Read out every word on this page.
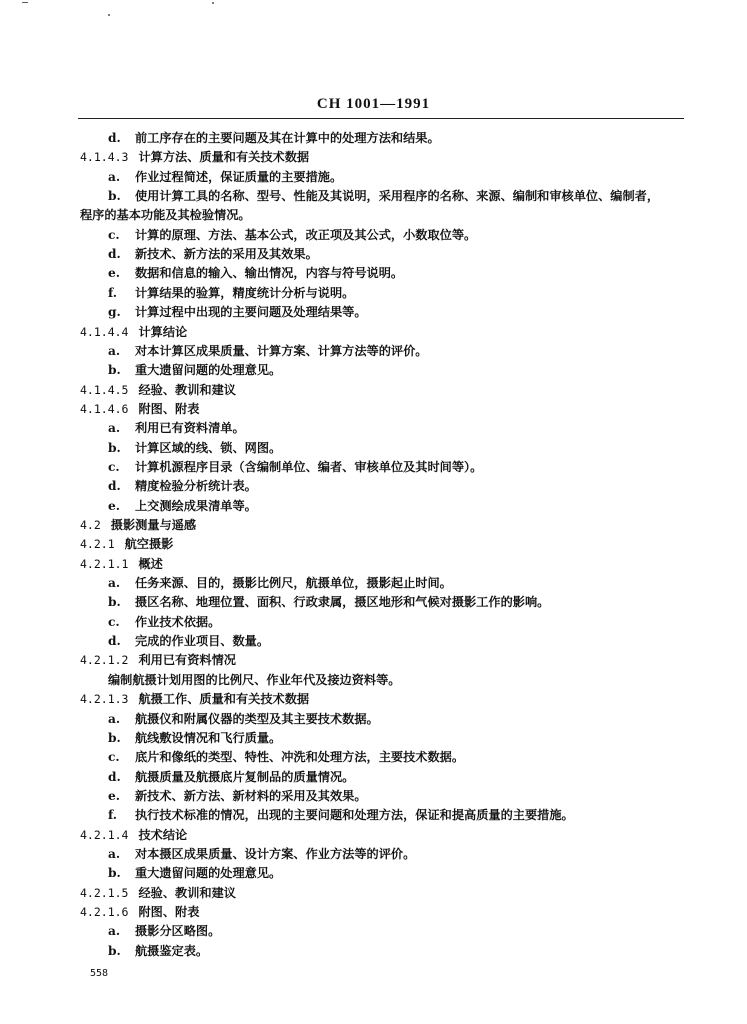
CH 1001—1991
d. 前工序存在的主要问题及其在计算中的处理方法和结果。
4.1.4.3 计算方法、质量和有关技术数据
a. 作业过程简述，保证质量的主要措施。
b. 使用计算工具的名称、型号、性能及其说明，采用程序的名称、来源、编制和审核单位、编制者，
程序的基本功能及其检验情况。
c. 计算的原理、方法、基本公式，改正项及其公式，小数取位等。
d. 新技术、新方法的采用及其效果。
e. 数据和信息的输入、输出情况，内容与符号说明。
f. 计算结果的验算，精度统计分析与说明。
g. 计算过程中出现的主要问题及处理结果等。
4.1.4.4 计算结论
a. 对本计算区成果质量、计算方案、计算方法等的评价。
b. 重大遗留问题的处理意见。
4.1.4.5 经验、教训和建议
4.1.4.6 附图、附表
a. 利用已有资料清单。
b. 计算区域的线、锁、网图。
c. 计算机源程序目录（含编制单位、编者、审核单位及其时间等）。
d. 精度检验分析统计表。
e. 上交测绘成果清单等。
4.2 摄影测量与遥感
4.2.1 航空摄影
4.2.1.1 概述
a. 任务来源、目的，摄影比例尺，航摄单位，摄影起止时间。
b. 摄区名称、地理位置、面积、行政隶属，摄区地形和气候对摄影工作的影响。
c. 作业技术依据。
d. 完成的作业项目、数量。
4.2.1.2 利用已有资料情况
编制航摄计划用图的比例尺、作业年代及接边资料等。
4.2.1.3 航摄工作、质量和有关技术数据
a. 航摄仪和附属仪器的类型及其主要技术数据。
b. 航线敷设情况和飞行质量。
c. 底片和像纸的类型、特性、冲洗和处理方法，主要技术数据。
d. 航摄质量及航摄底片复制品的质量情况。
e. 新技术、新方法、新材料的采用及其效果。
f. 执行技术标准的情况，出现的主要问题和处理方法，保证和提高质量的主要措施。
4.2.1.4 技术结论
a. 对本摄区成果质量、设计方案、作业方法等的评价。
b. 重大遗留问题的处理意见。
4.2.1.5 经验、教训和建议
4.2.1.6 附图、附表
a. 摄影分区略图。
b. 航摄鉴定表。
558
